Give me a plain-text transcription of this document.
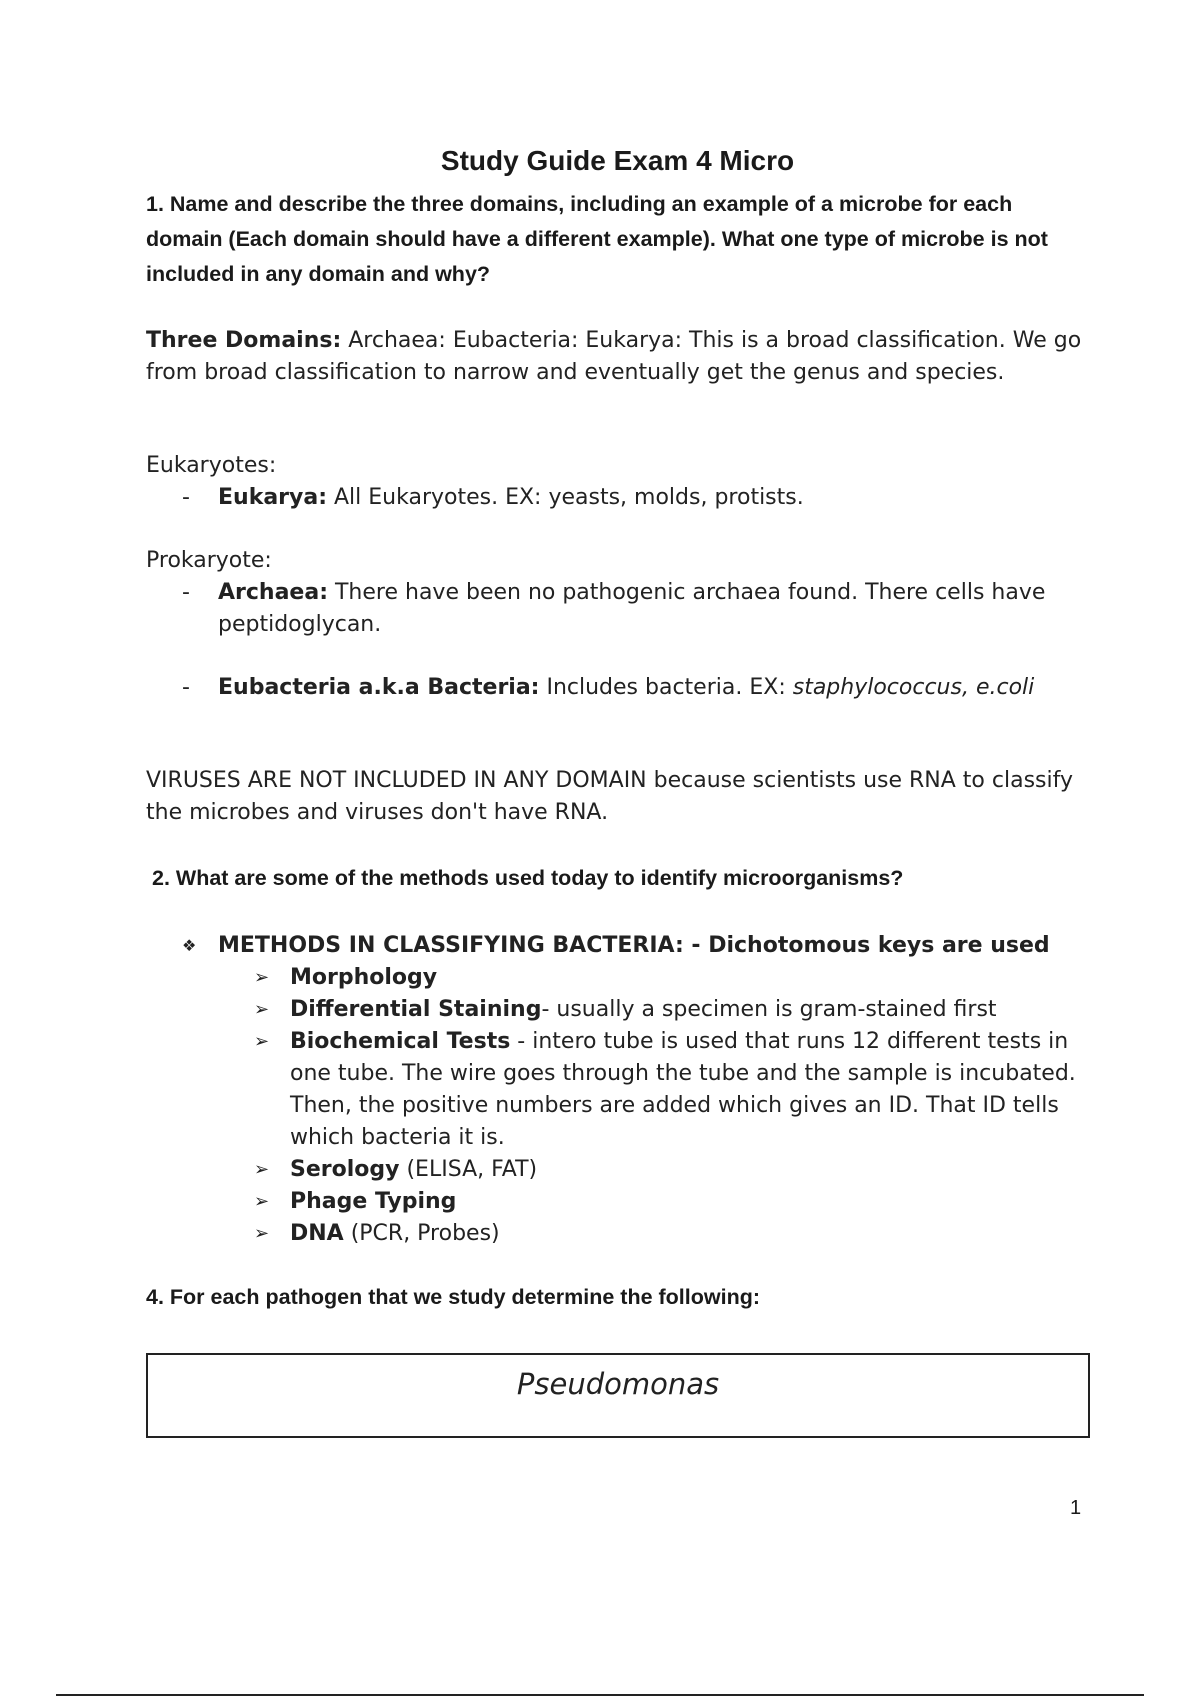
Study Guide Exam 4 Micro
1. Name and describe the three domains, including an example of a microbe for each domain (Each domain should have a different example). What one type of microbe is not included in any domain and why?
Three Domains: Archaea: Eubacteria: Eukarya: This is a broad classification. We go from broad classification to narrow and eventually get the genus and species.
Eukaryotes:
-	Eukarya: All Eukaryotes. EX: yeasts, molds, protists.
Prokaryote:
-	Archaea: There have been no pathogenic archaea found. There cells have peptidoglycan.
-	Eubacteria a.k.a Bacteria: Includes bacteria. EX: staphylococcus, e.coli
VIRUSES ARE NOT INCLUDED IN ANY DOMAIN because scientists use RNA to classify the microbes and viruses don't have RNA.
2. What are some of the methods used today to identify microorganisms?
❖ METHODS IN CLASSIFYING BACTERIA: - Dichotomous keys are used
➢ Morphology
➢ Differential Staining- usually a specimen is gram-stained first
➢ Biochemical Tests - intero tube is used that runs 12 different tests in one tube. The wire goes through the tube and the sample is incubated. Then, the positive numbers are added which gives an ID. That ID tells which bacteria it is.
➢ Serology (ELISA, FAT)
➢ Phage Typing
➢ DNA (PCR, Probes)
4. For each pathogen that we study determine the following:
Pseudomonas
1
